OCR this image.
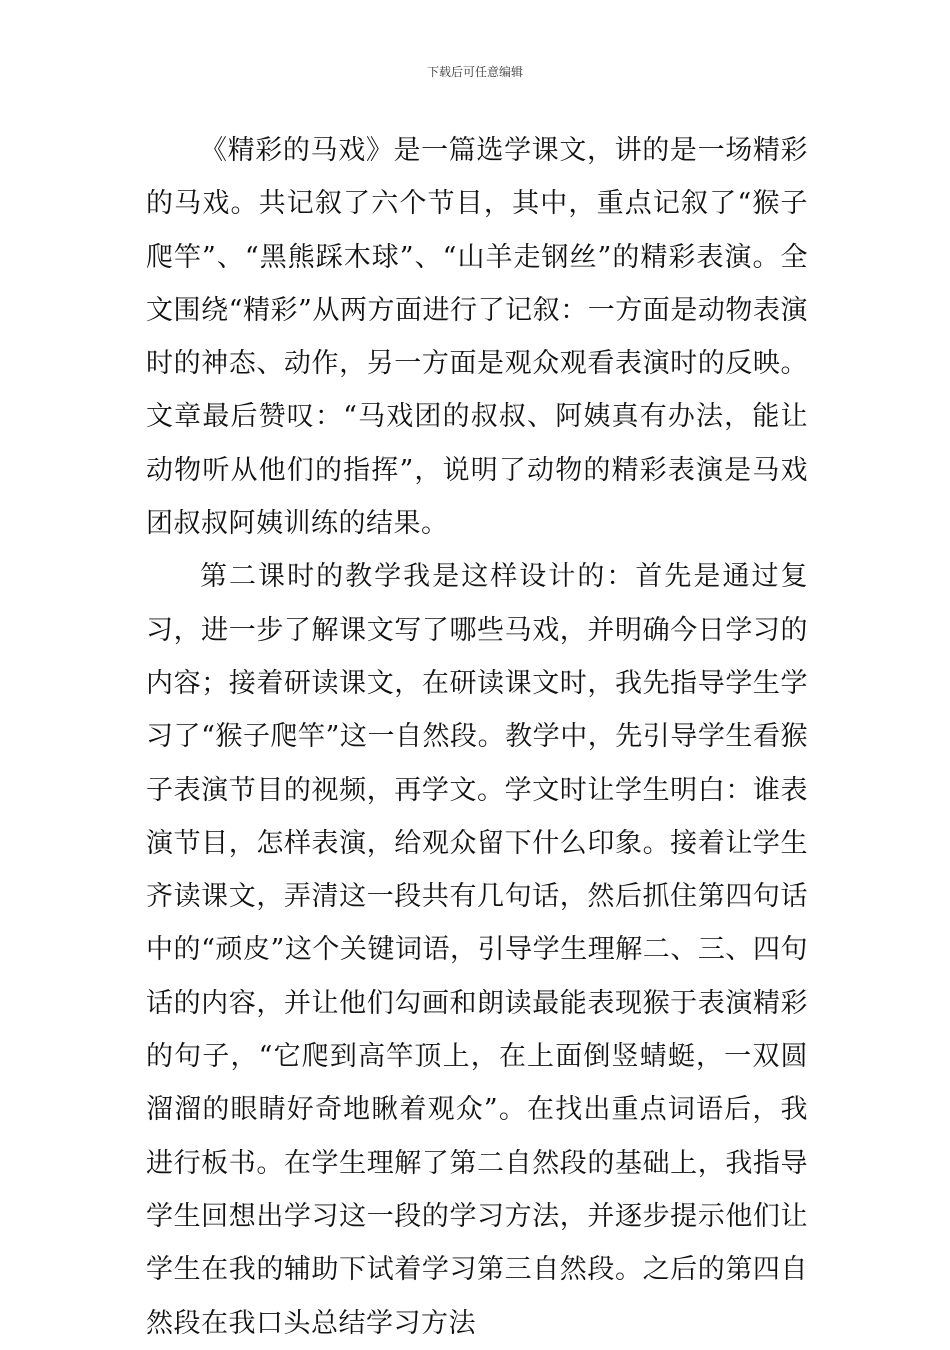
下载后可任意编辑

《精彩的马戏》是一篇选学课文，讲的是一场精彩的马戏。共记叙了六个节目，其中，重点记叙了“猴子爬竿”、“黑熊踩木球”、“山羊走钢丝”的精彩表演。全文围绕“精彩”从两方面进行了记叙：一方面是动物表演时的神态、动作，另一方面是观众观看表演时的反映。文章最后赞叹：“马戏团的叔叔、阿姨真有办法，能让动物听从他们的指挥”，说明了动物的精彩表演是马戏团叔叔阿姨训练的结果。

第二课时的教学我是这样设计的：首先是通过复习，进一步了解课文写了哪些马戏，并明确今日学习的内容；接着研读课文，在研读课文时，我先指导学生学习了“猴子爬竿”这一自然段。教学中，先引导学生看猴子表演节目的视频，再学文。学文时让学生明白：谁表演节目，怎样表演，给观众留下什么印象。接着让学生齐读课文，弄清这一段共有几句话，然后抓住第四句话中的“顽皮”这个关键词语，引导学生理解二、三、四句话的内容，并让他们勾画和朗读最能表现猴于表演精彩的句子，“它爬到高竿顶上，在上面倒竖蜻蜓，一双圆溜溜的眼睛好奇地瞅着观众”。在找出重点词语后，我进行板书。在学生理解了第二自然段的基础上，我指导学生回想出学习这一段的学习方法，并逐步提示他们让学生在我的辅助下试着学习第三自然段。之后的第四自然段在我口头总结学习方法
